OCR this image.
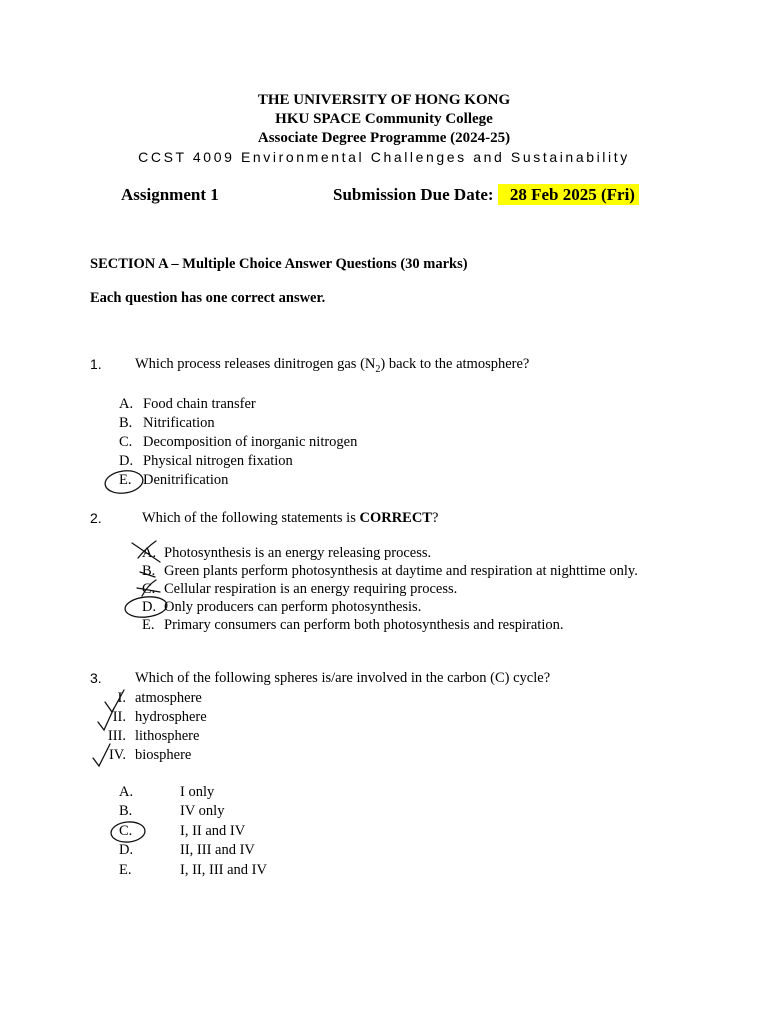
THE UNIVERSITY OF HONG KONG
HKU SPACE Community College
Associate Degree Programme (2024-25)
CCST 4009 Environmental Challenges and Sustainability
Assignment 1	Submission Due Date: 28 Feb 2025 (Fri)
SECTION A – Multiple Choice Answer Questions (30 marks)
Each question has one correct answer.
1. Which process releases dinitrogen gas $(N_2)$ back to the atmosphere?
A. Food chain transfer
B. Nitrification
C. Decomposition of inorganic nitrogen
D. Physical nitrogen fixation
E. Denitrification
2.	Which of the following statements is CORRECT?
A. Photosynthesis is an energy releasing process.
B. Green plants perform photosynthesis at daytime and respiration at nighttime only.
C. Cellular respiration is an energy requiring process.
D. Only producers can perform photosynthesis.
E. Primary consumers can perform both photosynthesis and respiration.
3. Which of the following spheres is/are involved in the carbon (C) cycle?
I. atmosphere
II. hydrosphere
III. lithosphere
IV. biosphere
A.	I only
B.	IV only
C.	I, II and IV
D.	II, III and IV
E.	I, II, III and IV
